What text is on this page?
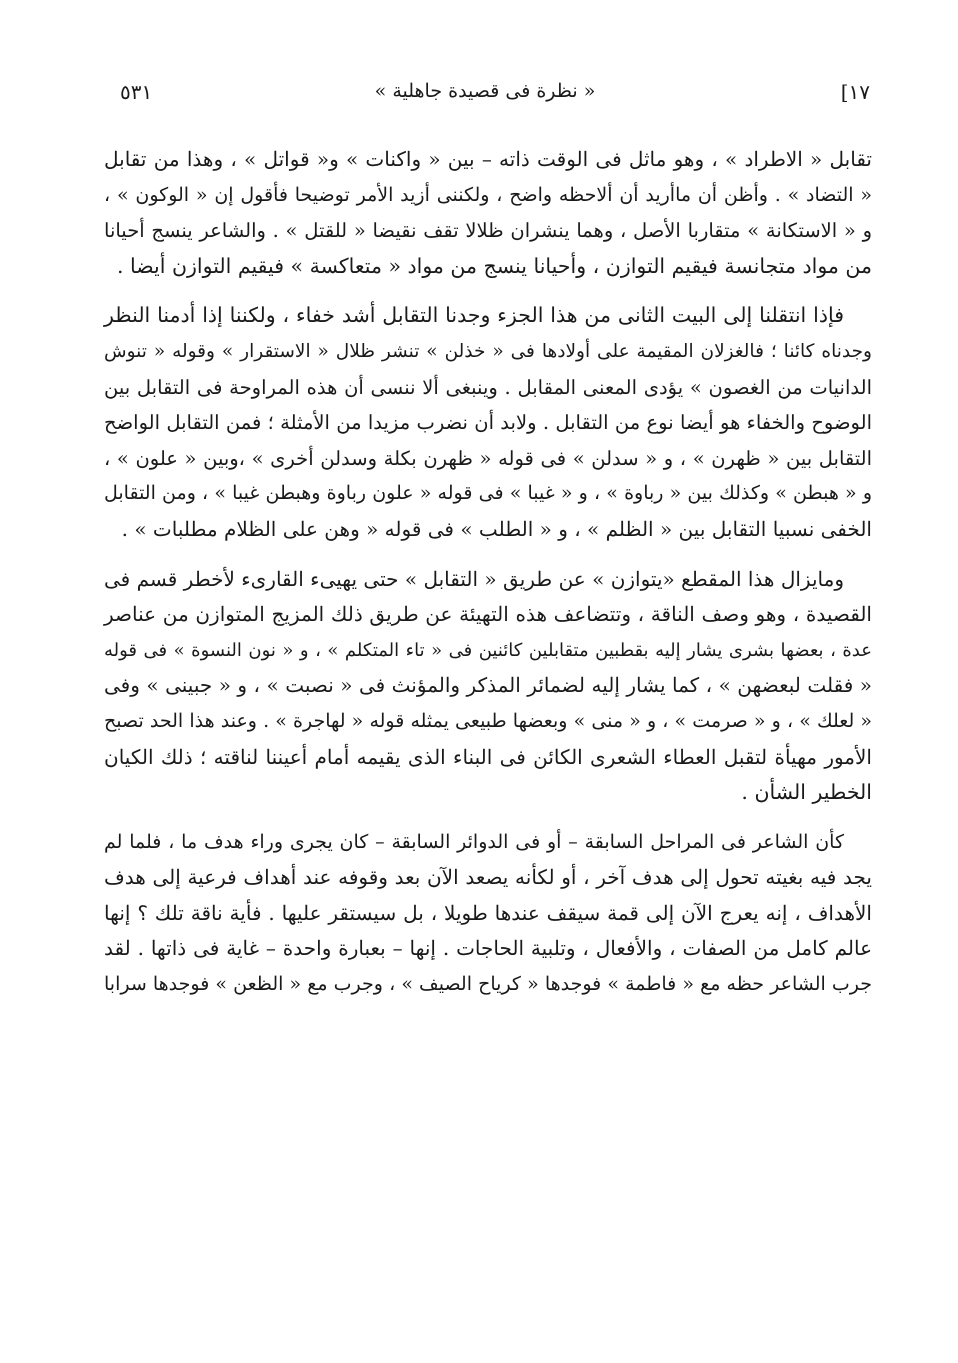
٥٣١	« نظرة فى قصيدة جاهلية »	[١٧

تقابل « الاطراد » ، وهو ماثل فى الوقت ذاته – بين « واكنات » و« قواتل » ، وهذا من تقابل
« التضاد » . وأظن أن ماأريد أن ألاحظه واضح ، ولكننى أزيد الأمر توضيحا فأقول إن « الوكون » ،
و « الاستكانة » متقاربا الأصل ، وهما ينشران ظلالا تقف نقيضا « للقتل » . والشاعر ينسج أحيانا
من مواد متجانسة فيقيم التوازن ، وأحيانا ينسج من مواد « متعاكسة » فيقيم التوازن أيضا .

فإذا انتقلنا إلى البيت الثانى من هذا الجزء وجدنا التقابل أشد خفاء ، ولكننا إذا أدمنا النظر
وجدناه كائنا ؛ فالغزلان المقيمة على أولادها فى « خذلن » تنشر ظلال « الاستقرار » وقوله « تنوش
الدانيات من الغصون » يؤدى المعنى المقابل . وينبغى ألا ننسى أن هذه المراوحة فى التقابل بين
الوضوح والخفاء هو أيضا نوع من التقابل . ولابد أن نضرب مزيدا من الأمثلة ؛ فمن التقابل الواضح
التقابل بين « ظهرن » ، و « سدلن » فى قوله « ظهرن بكلة وسدلن أخرى » ،وبين « علون » ،
و « هبطن » وكذلك بين « رباوة » ، و « غيبا » فى قوله « علون رباوة وهبطن غيبا » ، ومن التقابل
الخفى نسبيا التقابل بين « الظلم » ، و « الطلب » فى قوله « وهن على الظلام مطلبات » .

ومايزال هذا المقطع «يتوازن » عن طريق « التقابل » حتى يهيىء القارىء لأخطر قسم فى
القصيدة ، وهو وصف الناقة ، وتتضاعف هذه التهيئة عن طريق ذلك المزيج المتوازن من عناصر
عدة ، بعضها بشرى يشار إليه بقطبين متقابلين كائنين فى « تاء المتكلم » ، و « نون النسوة » فى قوله
« فقلت لبعضهن » ، كما يشار إليه لضمائر المذكر والمؤنث فى « نصبت » ، و « جبينى » وفى
« لعلك » ، و « صرمت » ، و « منى » وبعضها طبيعى يمثله قوله « لهاجرة » . وعند هذا الحد تصبح
الأمور مهيأة لتقبل العطاء الشعرى الكائن فى البناء الذى يقيمه أمام أعيننا لناقته ؛ ذلك الكيان
الخطير الشأن .

كأن الشاعر فى المراحل السابقة – أو فى الدوائر السابقة – كان يجرى وراء هدف ما ، فلما لم
يجد فيه بغيته تحول إلى هدف آخر ، أو لكأنه يصعد الآن بعد وقوفه عند أهداف فرعية إلى هدف
الأهداف ، إنه يعرج الآن إلى قمة سيقف عندها طويلا ، بل سيستقر عليها . فأية ناقة تلك ؟ إنها
عالم كامل من الصفات ، والأفعال ، وتلبية الحاجات . إنها – بعبارة واحدة – غاية فى ذاتها . لقد
جرب الشاعر حظه مع « فاطمة » فوجدها « كرياح الصيف » ، وجرب مع « الظعن » فوجدها سرابا
